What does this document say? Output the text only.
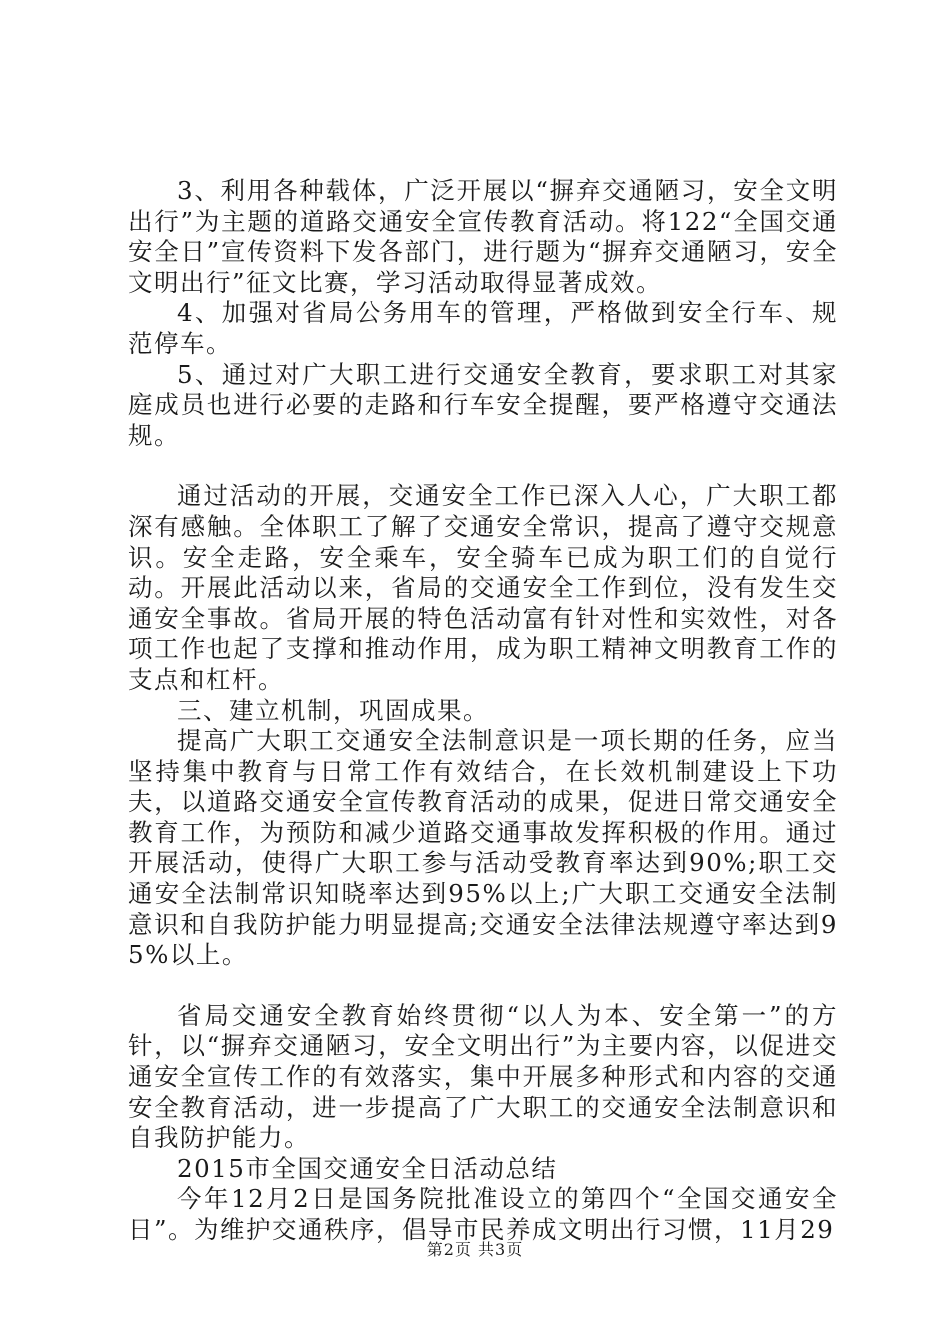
3、利用各种载体，广泛开展以“摒弃交通陋习，安全文明出行”为主题的道路交通安全宣传教育活动。将122“全国交通安全日”宣传资料下发各部门，进行题为“摒弃交通陋习，安全文明出行”征文比赛，学习活动取得显著成效。

4、加强对省局公务用车的管理，严格做到安全行车、规范停车。

5、通过对广大职工进行交通安全教育，要求职工对其家庭成员也进行必要的走路和行车安全提醒，要严格遵守交通法规。

通过活动的开展，交通安全工作已深入人心，广大职工都深有感触。全体职工了解了交通安全常识，提高了遵守交规意识。安全走路，安全乘车，安全骑车已成为职工们的自觉行动。开展此活动以来，省局的交通安全工作到位，没有发生交通安全事故。省局开展的特色活动富有针对性和实效性，对各项工作也起了支撑和推动作用，成为职工精神文明教育工作的支点和杠杆。

三、建立机制，巩固成果。

提高广大职工交通安全法制意识是一项长期的任务，应当坚持集中教育与日常工作有效结合，在长效机制建设上下功夫，以道路交通安全宣传教育活动的成果，促进日常交通安全教育工作，为预防和减少道路交通事故发挥积极的作用。通过开展活动，使得广大职工参与活动受教育率达到90%;职工交通安全法制常识知晓率达到95%以上;广大职工交通安全法制意识和自我防护能力明显提高;交通安全法律法规遵守率达到95%以上。

省局交通安全教育始终贯彻“以人为本、安全第一”的方针，以“摒弃交通陋习，安全文明出行”为主要内容，以促进交通安全宣传工作的有效落实，集中开展多种形式和内容的交通安全教育活动，进一步提高了广大职工的交通安全法制意识和自我防护能力。

2015市全国交通安全日活动总结

今年12月2日是国务院批准设立的第四个“全国交通安全日”。为维护交通秩序，倡导市民养成文明出行习惯，11月29

第2页 共3页
